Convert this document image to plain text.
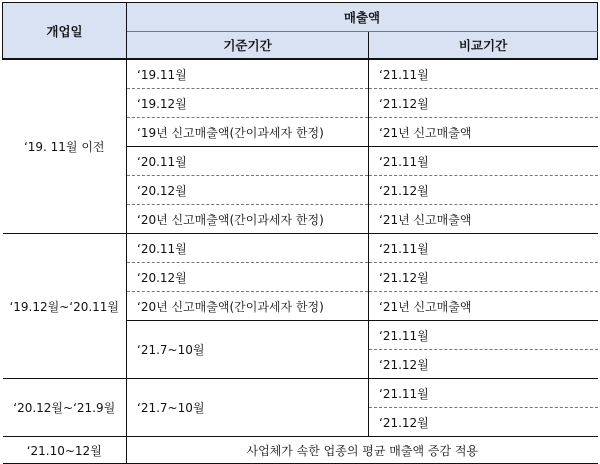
개업일	매출액	
	기준기간	비교기간
‘19. 11월 이전	‘19.11월	‘21.11월
	‘19.12월	‘21.12월
	‘19년 신고매출액(간이과세자 한정)	‘21년 신고매출액
	‘20.11월	‘21.11월
	‘20.12월	‘21.12월
	‘20년 신고매출액(간이과세자 한정)	‘21년 신고매출액
‘19.12월~‘20.11월	‘20.11월	‘21.11월
	‘20.12월	‘21.12월
	‘20년 신고매출액(간이과세자 한정)	‘21년 신고매출액
	‘21.7~10월	‘21.11월
		‘21.12월
‘20.12월~‘21.9월	‘21.7~10월	‘21.11월
		‘21.12월
‘21.10~12월	사업체가 속한 업종의 평균 매출액 증감 적용	
